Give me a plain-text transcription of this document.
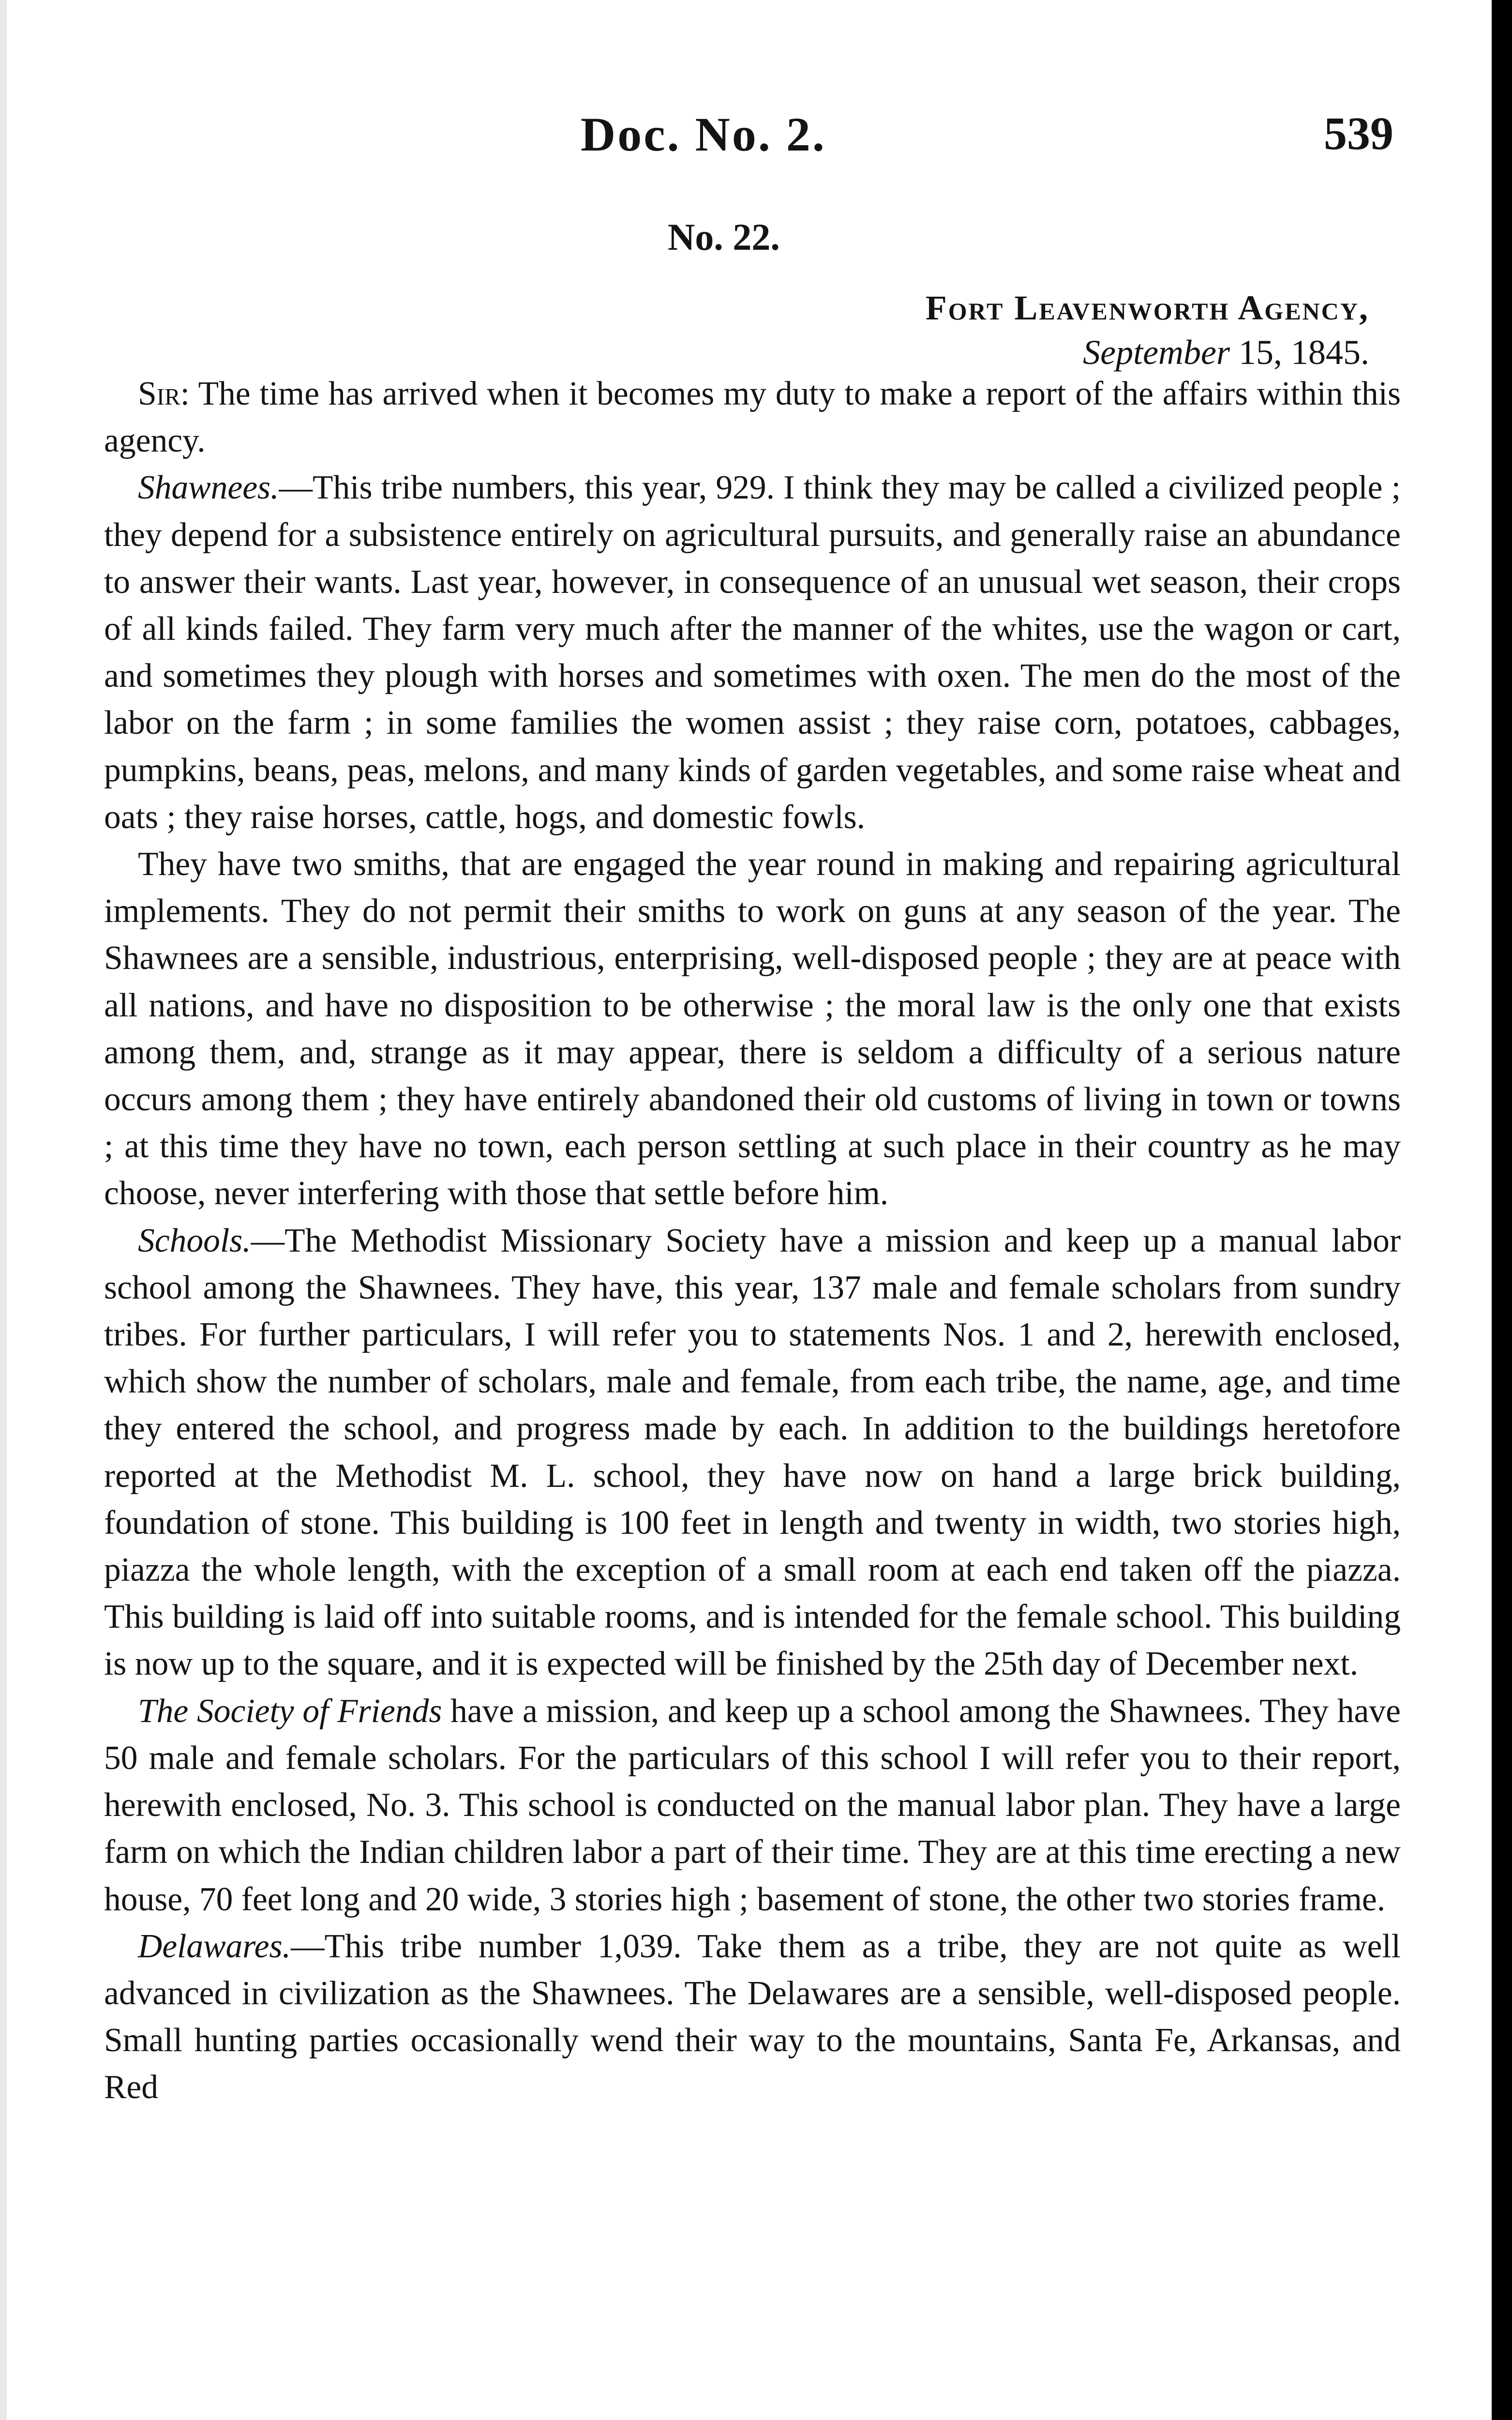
Doc. No. 2.	539
No. 22.
Fort Leavenworth Agency,
September 15, 1845.

Sir: The time has arrived when it becomes my duty to make a report of the affairs within this agency.

Shawnees.—This tribe numbers, this year, 929. I think they may be called a civilized people ; they depend for a subsistence entirely on agricultural pursuits, and generally raise an abundance to answer their wants. Last year, however, in consequence of an unusual wet season, their crops of all kinds failed. They farm very much after the manner of the whites, use the wagon or cart, and sometimes they plough with horses and sometimes with oxen. The men do the most of the labor on the farm ; in some families the women assist ; they raise corn, potatoes, cabbages, pumpkins, beans, peas, melons, and many kinds of garden vegetables, and some raise wheat and oats ; they raise horses, cattle, hogs, and domestic fowls.

They have two smiths, that are engaged the year round in making and repairing agricultural implements. They do not permit their smiths to work on guns at any season of the year. The Shawnees are a sensible, industrious, enterprising, well-disposed people ; they are at peace with all nations, and have no disposition to be otherwise ; the moral law is the only one that exists among them, and, strange as it may appear, there is seldom a difficulty of a serious nature occurs among them ; they have entirely abandoned their old customs of living in town or towns ; at this time they have no town, each person settling at such place in their country as he may choose, never interfering with those that settle before him.

Schools.—The Methodist Missionary Society have a mission and keep up a manual labor school among the Shawnees. They have, this year, 137 male and female scholars from sundry tribes. For further particulars, I will refer you to statements Nos. 1 and 2, herewith enclosed, which show the number of scholars, male and female, from each tribe, the name, age, and time they entered the school, and progress made by each. In addition to the buildings heretofore reported at the Methodist M. L. school, they have now on hand a large brick building, foundation of stone. This building is 100 feet in length and twenty in width, two stories high, piazza the whole length, with the exception of a small room at each end taken off the piazza. This building is laid off into suitable rooms, and is intended for the female school. This building is now up to the square, and it is expected will be finished by the 25th day of December next.

The Society of Friends have a mission, and keep up a school among the Shawnees. They have 50 male and female scholars. For the particulars of this school I will refer you to their report, herewith enclosed, No. 3. This school is conducted on the manual labor plan. They have a large farm on which the Indian children labor a part of their time. They are at this time erecting a new house, 70 feet long and 20 wide, 3 stories high ; basement of stone, the other two stories frame.

Delawares.—This tribe number 1,039. Take them as a tribe, they are not quite as well advanced in civilization as the Shawnees. The Delawares are a sensible, well-disposed people. Small hunting parties occasionally wend their way to the mountains, Santa Fe, Arkansas, and Red
